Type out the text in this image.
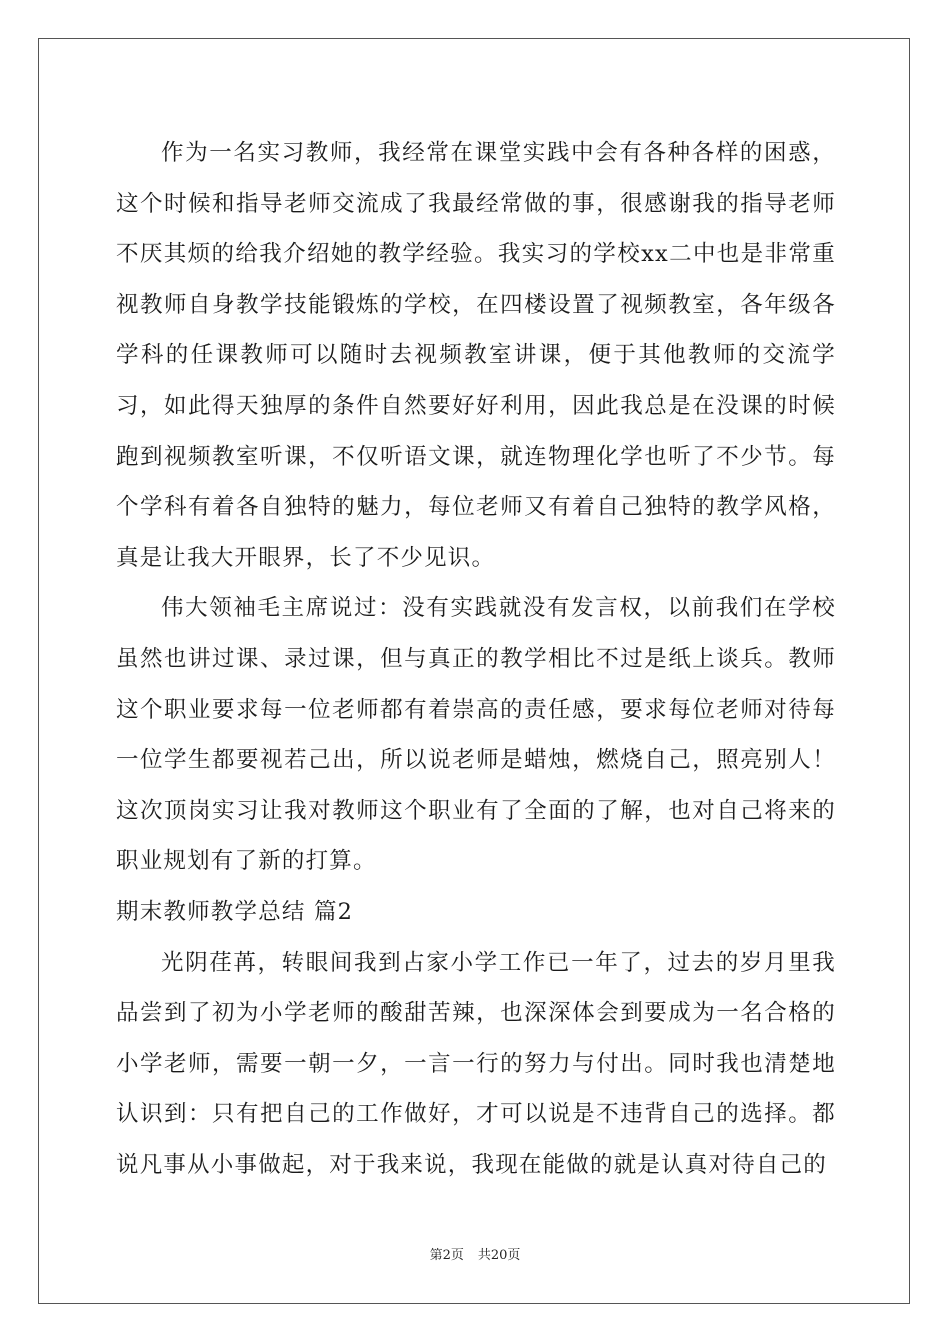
作为一名实习教师，我经常在课堂实践中会有各种各样的困惑，这个时候和指导老师交流成了我最经常做的事，很感谢我的指导老师不厌其烦的给我介绍她的教学经验。我实习的学校xx二中也是非常重视教师自身教学技能锻炼的学校，在四楼设置了视频教室，各年级各学科的任课教师可以随时去视频教室讲课，便于其他教师的交流学习，如此得天独厚的条件自然要好好利用，因此我总是在没课的时候跑到视频教室听课，不仅听语文课，就连物理化学也听了不少节。每个学科有着各自独特的魅力，每位老师又有着自己独特的教学风格，真是让我大开眼界，长了不少见识。

伟大领袖毛主席说过：没有实践就没有发言权，以前我们在学校虽然也讲过课、录过课，但与真正的教学相比不过是纸上谈兵。教师这个职业要求每一位老师都有着崇高的责任感，要求每位老师对待每一位学生都要视若己出，所以说老师是蜡烛，燃烧自己，照亮别人！这次顶岗实习让我对教师这个职业有了全面的了解，也对自己将来的职业规划有了新的打算。

期末教师教学总结 篇2

光阴荏苒，转眼间我到占家小学工作已一年了，过去的岁月里我品尝到了初为小学老师的酸甜苦辣，也深深体会到要成为一名合格的小学老师，需要一朝一夕，一言一行的努力与付出。同时我也清楚地认识到：只有把自己的工作做好，才可以说是不违背自己的选择。都说凡事从小事做起，对于我来说，我现在能做的就是认真对待自己的

第2页 共20页
